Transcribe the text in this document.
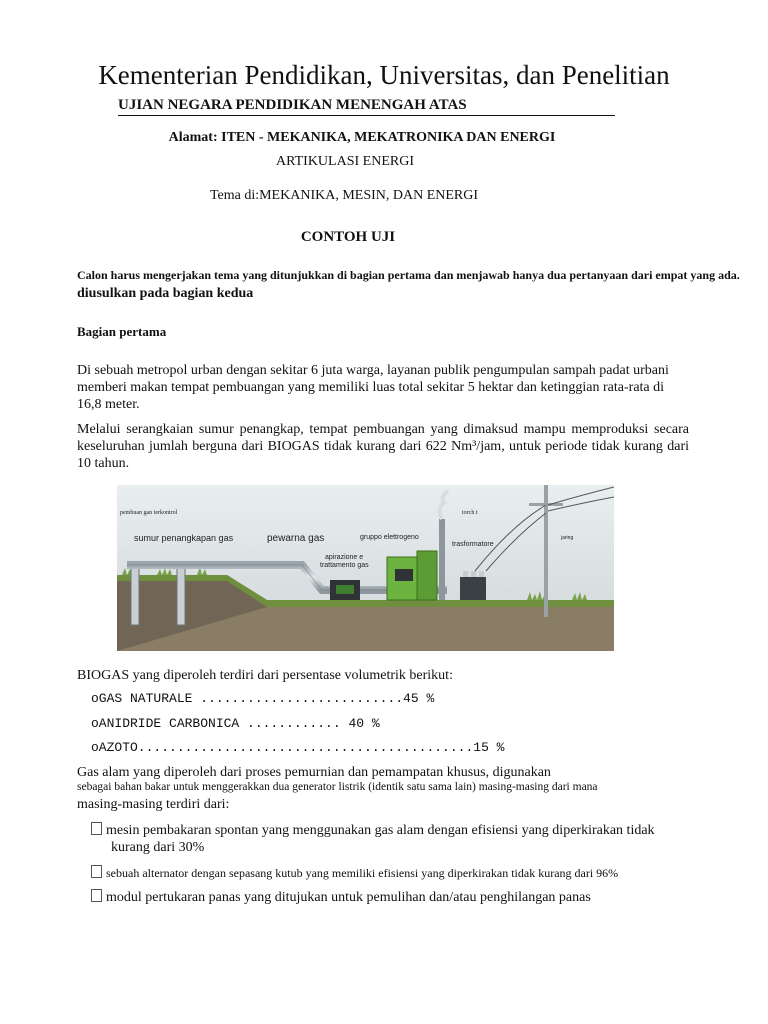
Kementerian Pendidikan, Universitas, dan Penelitian
UJIAN NEGARA PENDIDIKAN MENENGAH ATAS
Alamat: ITEN - MEKANIKA, MEKATRONIKA DAN ENERGI
ARTIKULASI ENERGI
Tema di:MEKANIKA, MESIN, DAN ENERGI
CONTOH UJI
Calon harus mengerjakan tema yang ditunjukkan di bagian pertama dan menjawab hanya dua pertanyaan dari empat yang ada.
diusulkan pada bagian kedua
Bagian pertama
Di sebuah metropol urban dengan sekitar 6 juta warga, layanan publik pengumpulan sampah padat urbani memberi makan tempat pembuangan yang memiliki luas total sekitar 5 hektar dan ketinggian rata-rata di 16,8 meter.
Melalui serangkaian sumur penangkap, tempat pembuangan yang dimaksud mampu memproduksi secara keseluruhan jumlah berguna dari BIOGAS tidak kurang dari 622 Nm³/jam, untuk periode tidak kurang dari 10 tahun.
pembuan gan terkontrol
sumur penangkapan gas	pewarna gas
apirazione e
trattamento gas
gruppo elettrogeno
torch t
trasformatore
jaring
BIOGAS yang diperoleh terdiri dari persentase volumetrik berikut:
oGAS NATURALE ..........................45 %
oANIDRIDE CARBONICA ............ 40 %
oAZOTO...........................................15 %
Gas alam yang diperoleh dari proses pemurnian dan pemampatan khusus, digunakan
sebagai bahan bakar untuk menggerakkan dua generator listrik (identik satu sama lain) masing-masing dari mana
masing-masing terdiri dari:
mesin pembakaran spontan yang menggunakan gas alam dengan efisiensi yang diperkirakan tidak
kurang dari 30%
sebuah alternator dengan sepasang kutub yang memiliki efisiensi yang diperkirakan tidak kurang dari 96%
modul pertukaran panas yang ditujukan untuk pemulihan dan/atau penghilangan panas
